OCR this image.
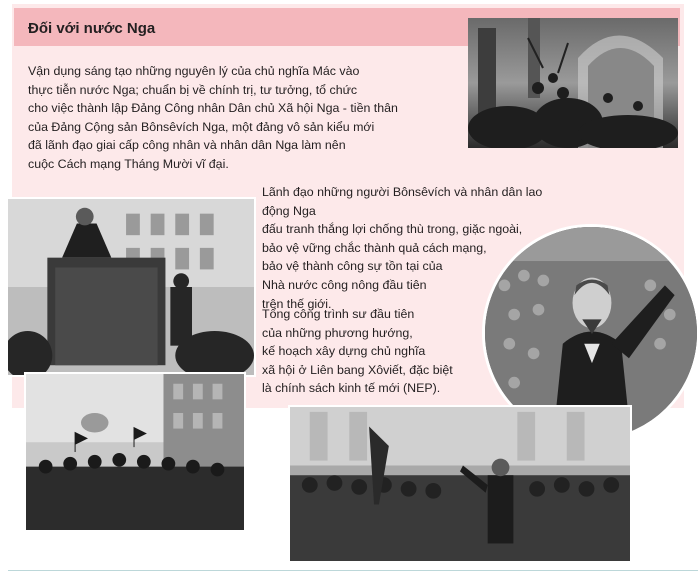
Đối với nước Nga
Vận dụng sáng tạo những nguyên lý của chủ nghĩa Mác vào
thực tiễn nước Nga; chuẩn bị về chính trị, tư tưởng, tổ chức
cho việc thành lập Đảng Công nhân Dân chủ Xã hội Nga - tiền thân
của Đảng Cộng sản Bônsêvích Nga, một đảng vô sản kiểu mới
đã lãnh đạo giai cấp công nhân và nhân dân Nga làm nên
cuộc Cách mạng Tháng Mười vĩ đại.
Lãnh đạo những người Bônsêvích và nhân dân lao động Nga
đấu tranh thắng lợi chống thù trong, giặc ngoài,
bảo vệ vững chắc thành quả cách mạng,
bảo vệ thành công sự tồn tại của
Nhà nước công nông đầu tiên
trên thế giới.
Tổng công trình sư đầu tiên
của những phương hướng,
kế hoạch xây dựng chủ nghĩa
xã hội ở Liên bang Xôviết, đặc biệt
là chính sách kinh tế mới (NEP).
